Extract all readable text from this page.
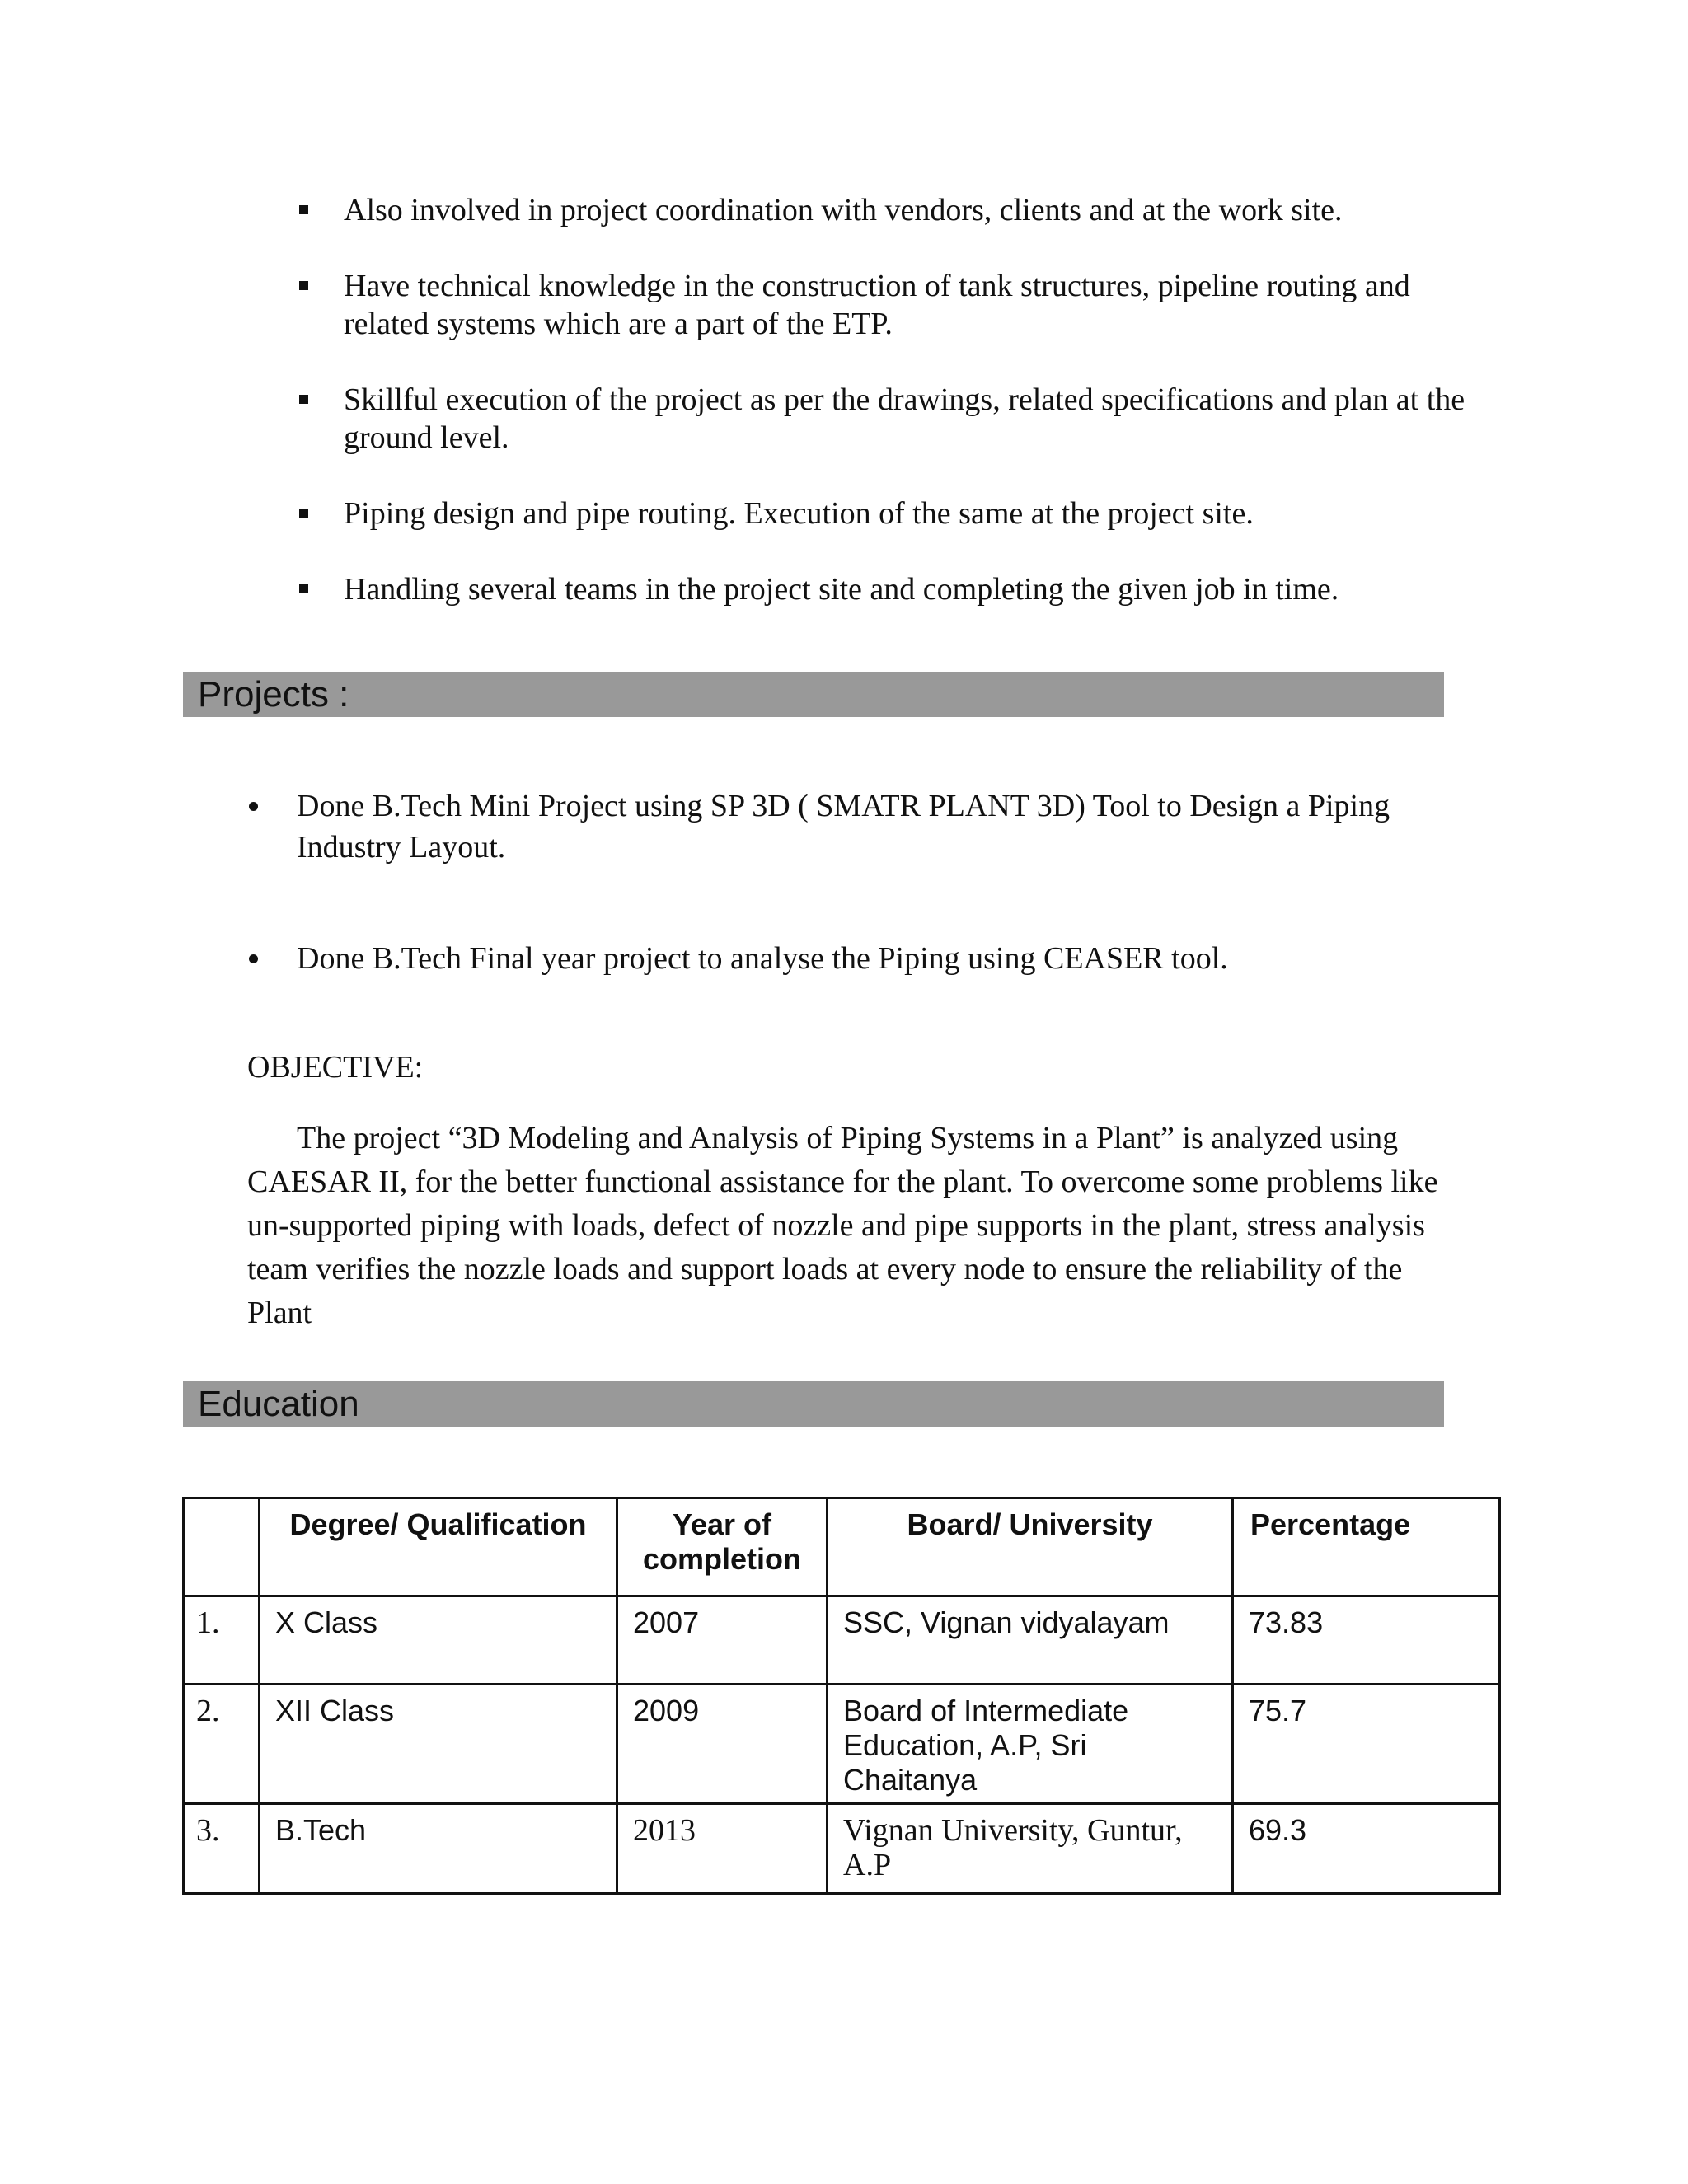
Also involved in project coordination with vendors, clients and at the work site.
Have technical knowledge in the construction of tank structures, pipeline routing and related systems which are a part of the ETP.
Skillful execution of the project as per the drawings, related specifications and plan at the ground level.
Piping design and pipe routing. Execution of the same at the project site.
Handling several teams in the project site and completing the given job in time.
Projects :
Done B.Tech Mini Project using SP 3D ( SMATR PLANT 3D) Tool to Design a Piping Industry Layout.
Done B.Tech Final year project to analyse the Piping using CEASER tool.
OBJECTIVE:

The project “3D Modeling and Analysis of Piping Systems in a Plant” is analyzed using CAESAR II, for the better functional assistance for the plant. To overcome some problems like un-supported piping with loads, defect of nozzle and pipe supports in the plant, stress analysis team verifies the nozzle loads and support loads at every node to ensure the reliability of the Plant

Education
	Degree/ Qualification	Year of completion	Board/ University	Percentage
1.	X Class	2007	SSC, Vignan vidyalayam	73.83
2.	XII Class	2009	Board of Intermediate Education, A.P, Sri Chaitanya	75.7
3.	B.Tech	2013	Vignan University, Guntur, A.P	69.3
